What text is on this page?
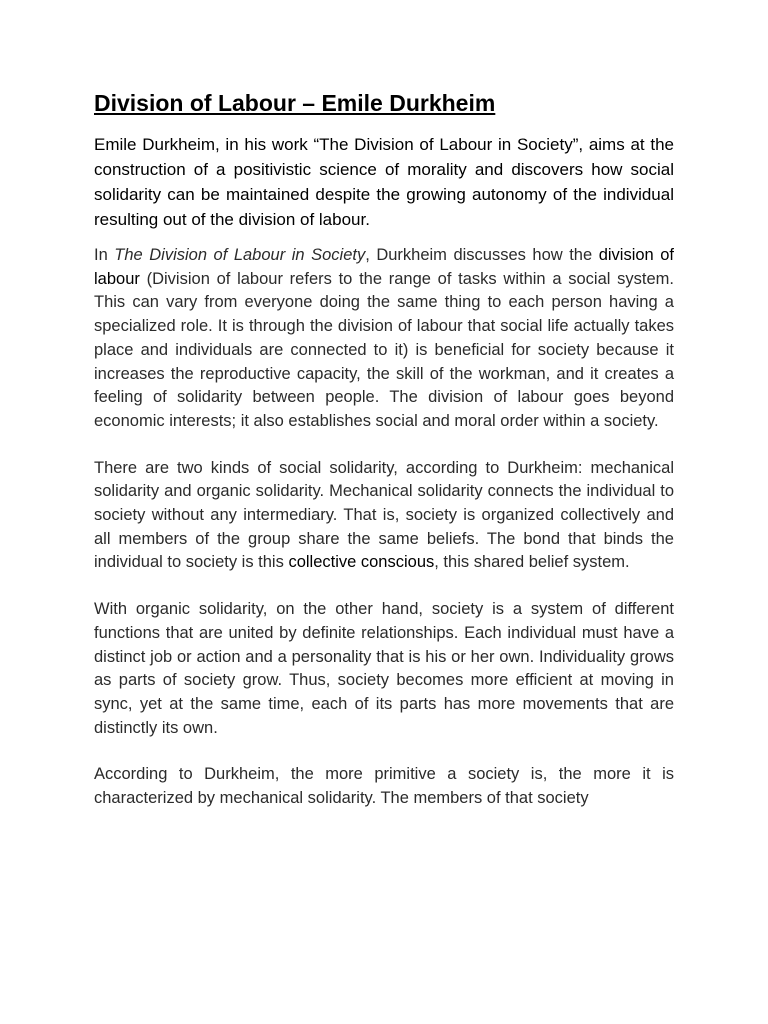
Division of Labour – Emile Durkheim

Emile Durkheim, in his work “The Division of Labour in Society”, aims at the construction of a positivistic science of morality and discovers how social solidarity can be maintained despite the growing autonomy of the individual resulting out of the division of labour.

In The Division of Labour in Society, Durkheim discusses how the division of labour (Division of labour refers to the range of tasks within a social system. This can vary from everyone doing the same thing to each person having a specialized role. It is through the division of labour that social life actually takes place and individuals are connected to it) is beneficial for society because it increases the reproductive capacity, the skill of the workman, and it creates a feeling of solidarity between people. The division of labour goes beyond economic interests; it also establishes social and moral order within a society.

There are two kinds of social solidarity, according to Durkheim: mechanical solidarity and organic solidarity. Mechanical solidarity connects the individual to society without any intermediary. That is, society is organized collectively and all members of the group share the same beliefs. The bond that binds the individual to society is this collective conscious, this shared belief system.

With organic solidarity, on the other hand, society is a system of different functions that are united by definite relationships. Each individual must have a distinct job or action and a personality that is his or her own. Individuality grows as parts of society grow. Thus, society becomes more efficient at moving in sync, yet at the same time, each of its parts has more movements that are distinctly its own.

According to Durkheim, the more primitive a society is, the more it is characterized by mechanical solidarity. The members of that society
